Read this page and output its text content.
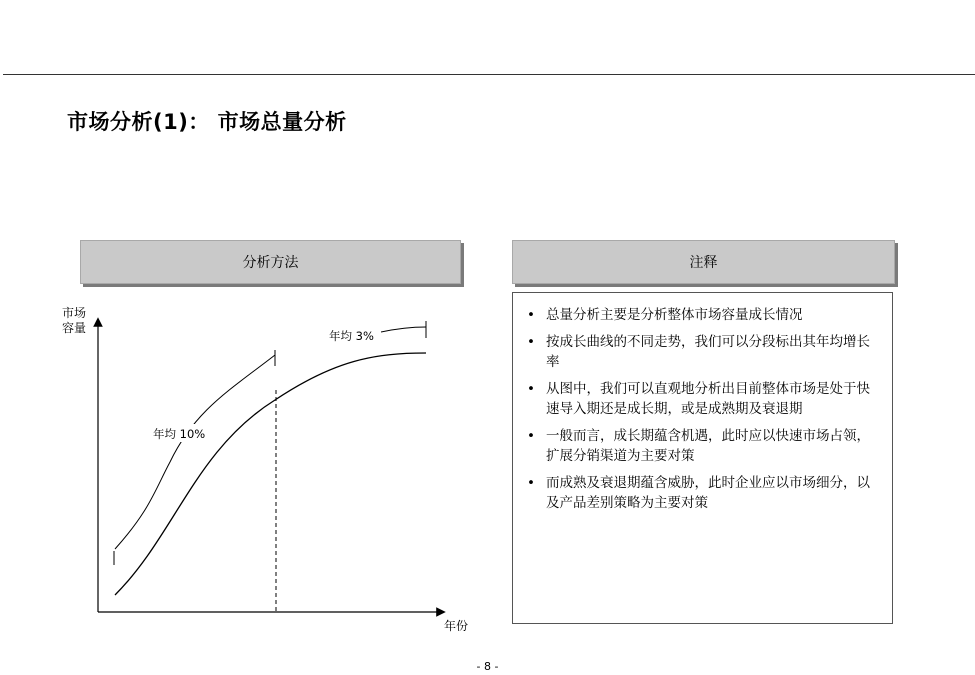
市场分析(1)： 市场总量分析
分析方法	注释
市场
容量
年份
年均 10%
年均 3%
• 总量分析主要是分析整体市场容量成长情况
• 按成长曲线的不同走势，我们可以分段标出其年均增长
率
• 从图中，我们可以直观地分析出目前整体市场是处于快
速导入期还是成长期，或是成熟期及衰退期
• 一般而言，成长期蕴含机遇，此时应以快速市场占领，
扩展分销渠道为主要对策
• 而成熟及衰退期蕴含威胁，此时企业应以市场细分，以
及产品差别策略为主要对策
- 8 -
